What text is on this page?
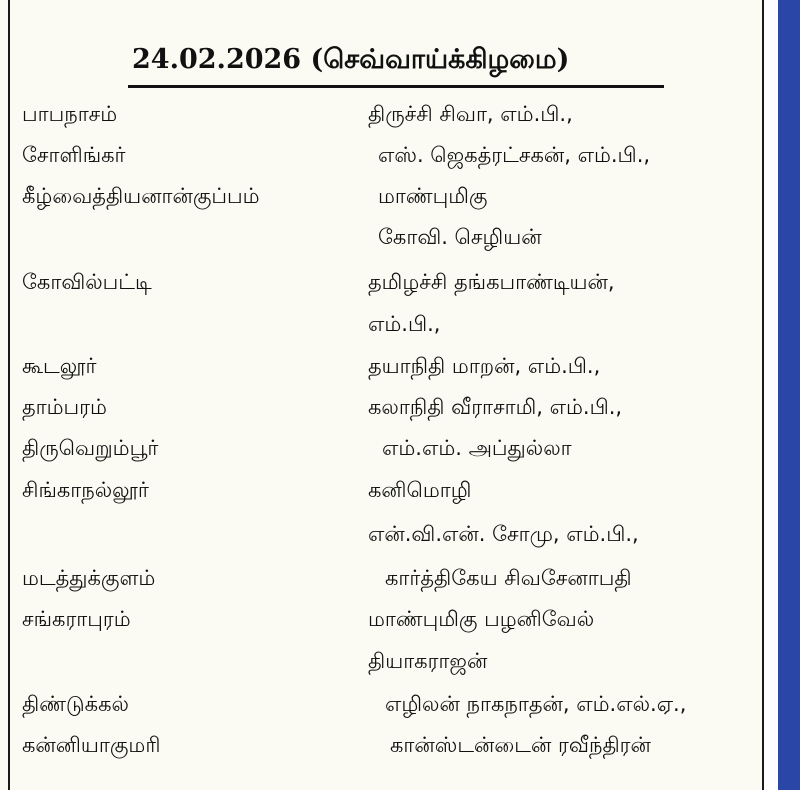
24.02.2026 (செவ்வாய்க்கிழமை)
பாபநாசம்	திருச்சி சிவா, எம்.பி.,
சோளிங்கர்	எஸ். ஜெகத்ரட்சகன், எம்.பி.,
கீழ்வைத்தியனான்குப்பம்	மாண்புமிகு
கோவி. செழியன்
கோவில்பட்டி	தமிழச்சி தங்கபாண்டியன்,
எம்.பி.,
கூடலூர்	தயாநிதி மாறன், எம்.பி.,
தாம்பரம்	கலாநிதி வீராசாமி, எம்.பி.,
திருவெறும்பூர்	எம்.எம். அப்துல்லா
சிங்காநல்லூர்	கனிமொழி
என்.வி.என். சோமு, எம்.பி.,
மடத்துக்குளம்	கார்த்திகேய சிவசேனாபதி
சங்கராபுரம்	மாண்புமிகு பழனிவேல்
தியாகராஜன்
திண்டுக்கல்	எழிலன் நாகநாதன், எம்.எல்.ஏ.,
கன்னியாகுமரி	கான்ஸ்டன்டைன் ரவீந்திரன்
